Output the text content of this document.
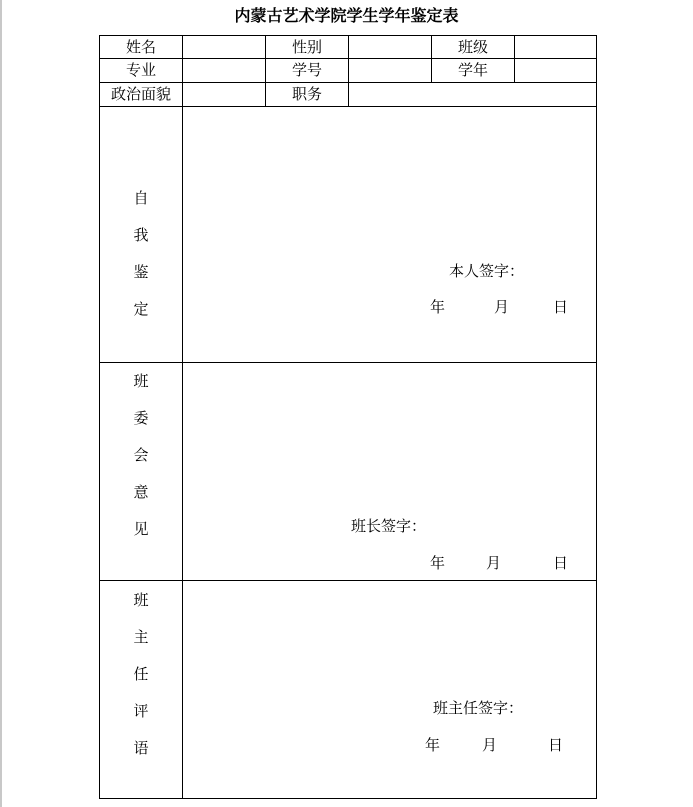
内蒙古艺术学院学生学年鉴定表
姓名	性别	班级
专业	学号	学年
政治面貌	职务
自
我
鉴
定
本人签字：
年	月	日
班
委
会
意
见	班长签字：
年	月	日
班
主
任
评
语
班主任签字：
年	月	日
